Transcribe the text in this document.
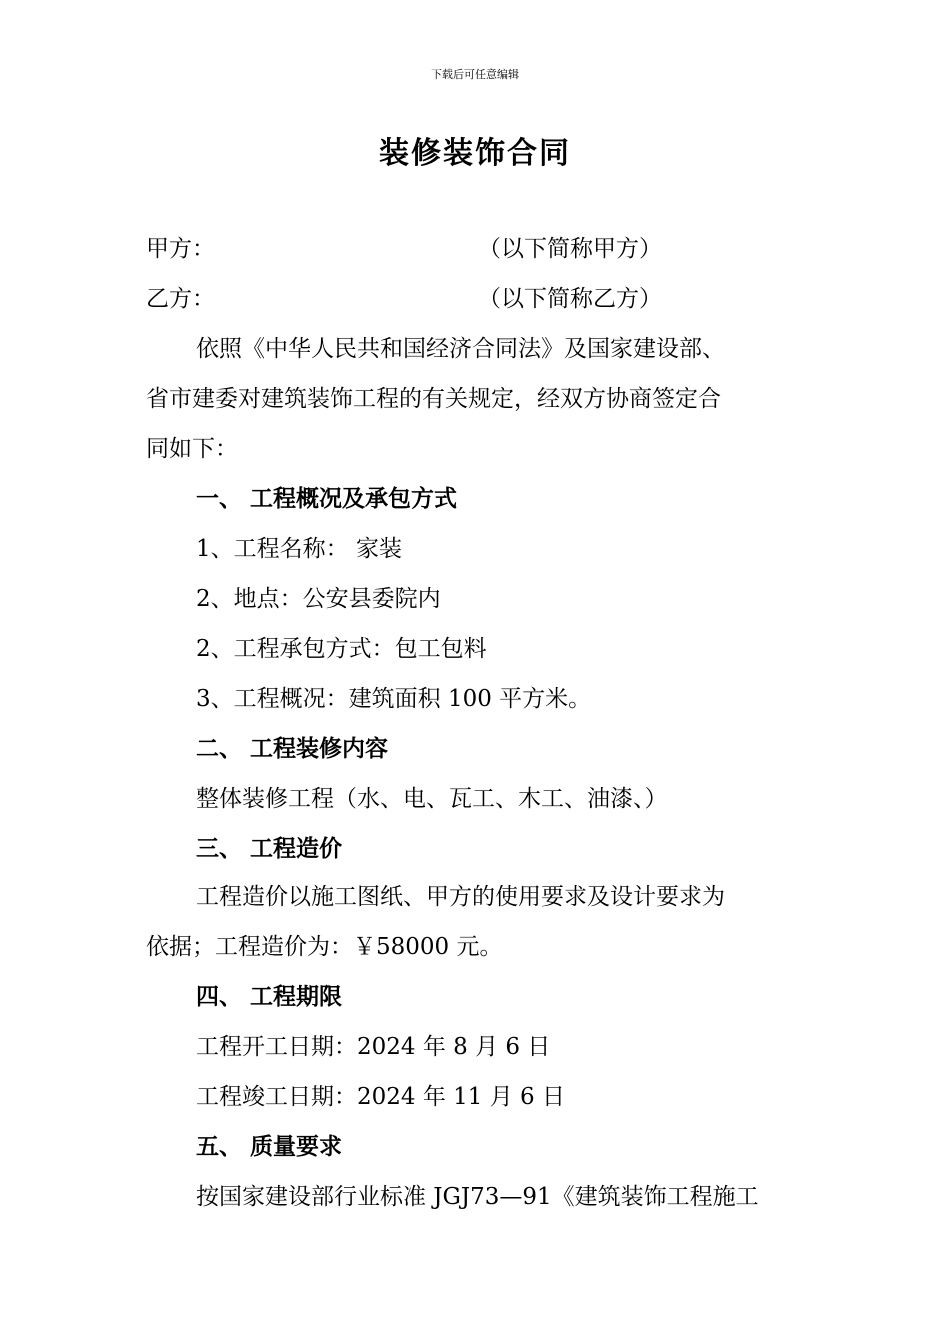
下载后可任意编辑
装修装饰合同
甲方：	（以下简称甲方）
乙方：	（以下简称乙方）
依照《中华人民共和国经济合同法》及国家建设部、
省市建委对建筑装饰工程的有关规定，经双方协商签定合
同如下：
一、 工程概况及承包方式
1、工程名称： 家装
2、地点：公安县委院内
2、工程承包方式：包工包料
3、工程概况：建筑面积 100 平方米。
二、 工程装修内容
整体装修工程（水、电、瓦工、木工、油漆、）
三、 工程造价
工程造价以施工图纸、甲方的使用要求及设计要求为
依据；工程造价为：￥58000 元。
四、 工程期限
工程开工日期：2024 年 8 月 6 日
工程竣工日期：2024 年 11 月 6 日
五、 质量要求
按国家建设部行业标准 JGJ73—91《建筑装饰工程施工
